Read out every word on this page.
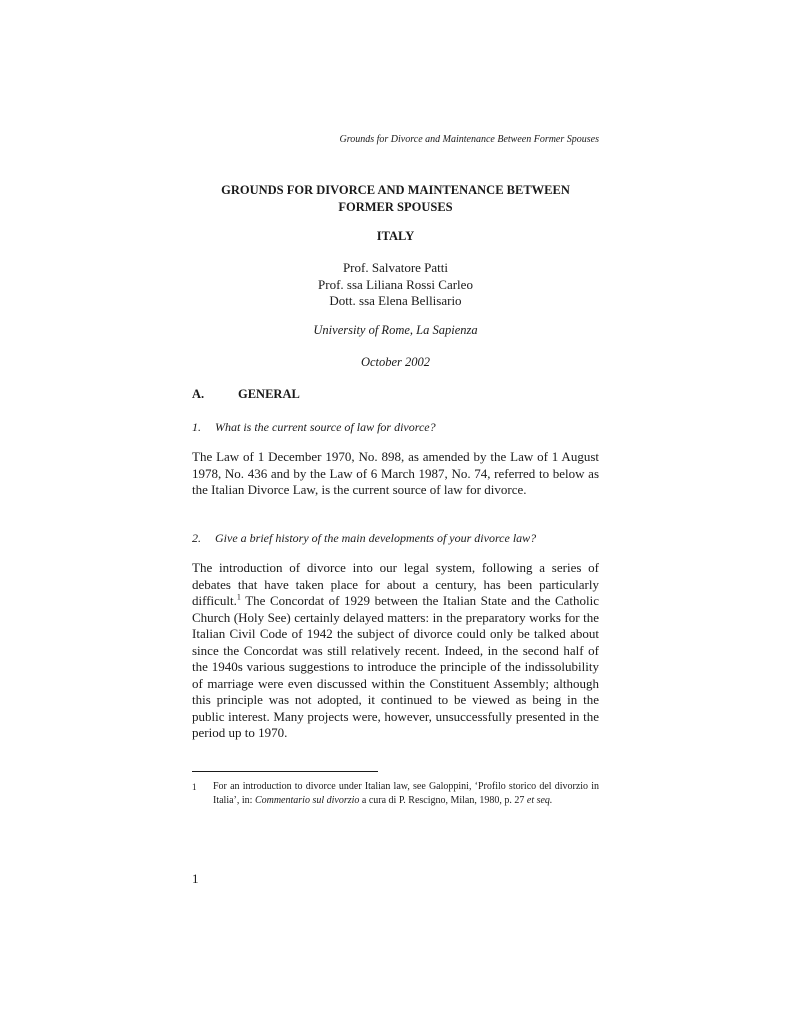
Grounds for Divorce and Maintenance Between Former Spouses
GROUNDS FOR DIVORCE AND MAINTENANCE BETWEEN
FORMER SPOUSES
ITALY
Prof. Salvatore Patti
Prof. ssa Liliana Rossi Carleo
Dott. ssa Elena Bellisario
University of Rome, La Sapienza
October 2002
A.	GENERAL
1. What is the current source of law for divorce?
The Law of 1 December 1970, No. 898, as amended by the Law of 1 August 1978, No. 436 and by the Law of 6 March 1987, No. 74, referred to below as the Italian Divorce Law, is the current source of law for divorce.
2. Give a brief history of the main developments of your divorce law?
The introduction of divorce into our legal system, following a series of debates that have taken place for about a century, has been particularly difficult.$^1$ The Concordat of 1929 between the Italian State and the Catholic Church (Holy See) certainly delayed matters: in the preparatory works for the Italian Civil Code of 1942 the subject of divorce could only be talked about since the Concordat was still relatively recent. Indeed, in the second half of the 1940s various suggestions to introduce the principle of the indissolubility of marriage were even discussed within the Constituent Assembly; although this principle was not adopted, it continued to be viewed as being in the public interest. Many projects were, however, unsuccessfully presented in the period up to 1970.
1 For an introduction to divorce under Italian law, see Galoppini, ‘Profilo storico del divorzio in Italia’, in: Commentario sul divorzio a cura di P. Rescigno, Milan, 1980, p. 27 et seq.
1
